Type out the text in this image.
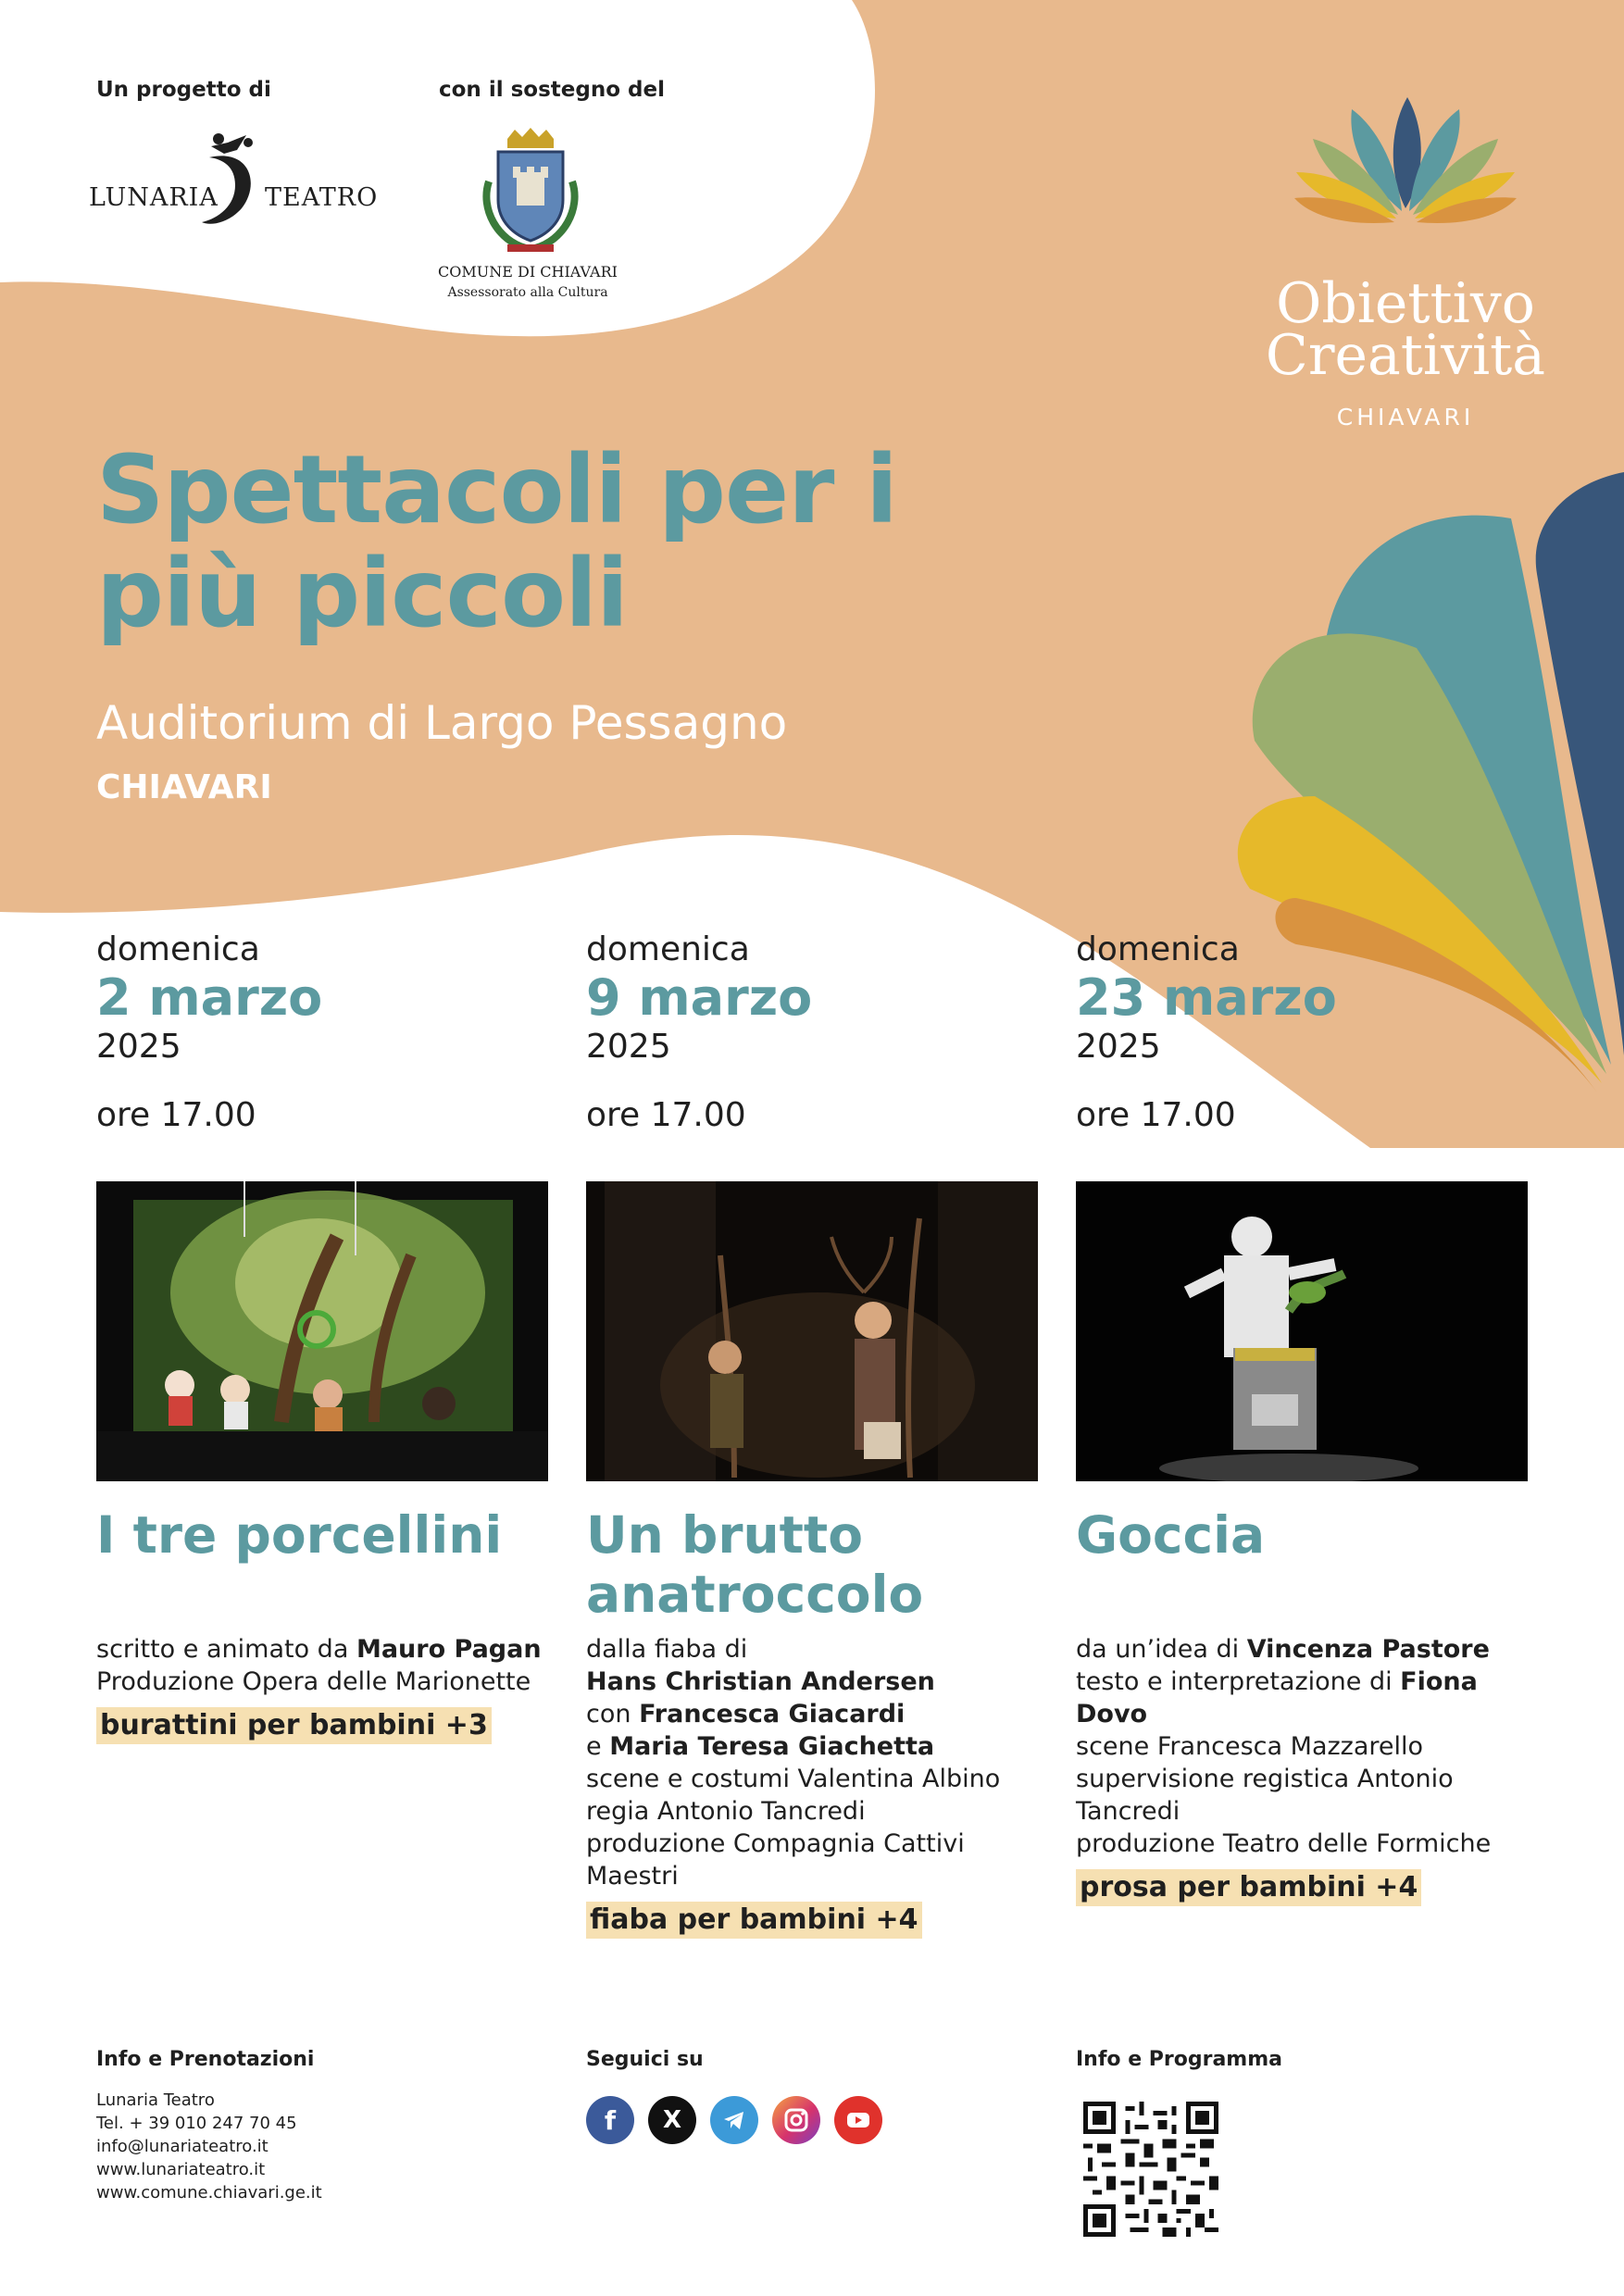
Un progetto di
LUNARIA TEATRO
con il sostegno del
COMUNE DI CHIAVARI
Assessorato alla Cultura	Obiettivo
Creatività
CHIAVARI
Spettacoli per i
più piccoli
Auditorium di Largo Pessagno
CHIAVARI
domenica
2 marzo
2025
ore 17.00
domenica
9 marzo
2025
ore 17.00
domenica
23 marzo
2025
ore 17.00
I tre porcellini	Un brutto
anatroccolo
Goccia
scritto e animato da Mauro Pagan
Produzione Opera delle Marionette
burattini per bambini +3
dalla fiaba di
Hans Christian Andersen
con Francesca Giacardi
e Maria Teresa Giachetta
scene e costumi Valentina Albino
regia Antonio Tancredi
produzione Compagnia Cattivi
Maestri
fiaba per bambini +4
da un’idea di Vincenza Pastore
testo e interpretazione di Fiona Dovo
scene Francesca Mazzarello
supervisione registica Antonio
Tancredi
produzione Teatro delle Formiche
prosa per bambini +4
Info e Prenotazioni
Lunaria Teatro
Tel. + 39 010 247 70 45
info@lunariateatro.it
www.lunariateatro.it
www.comune.chiavari.ge.it
Seguici su
f	X
Info e Programma
